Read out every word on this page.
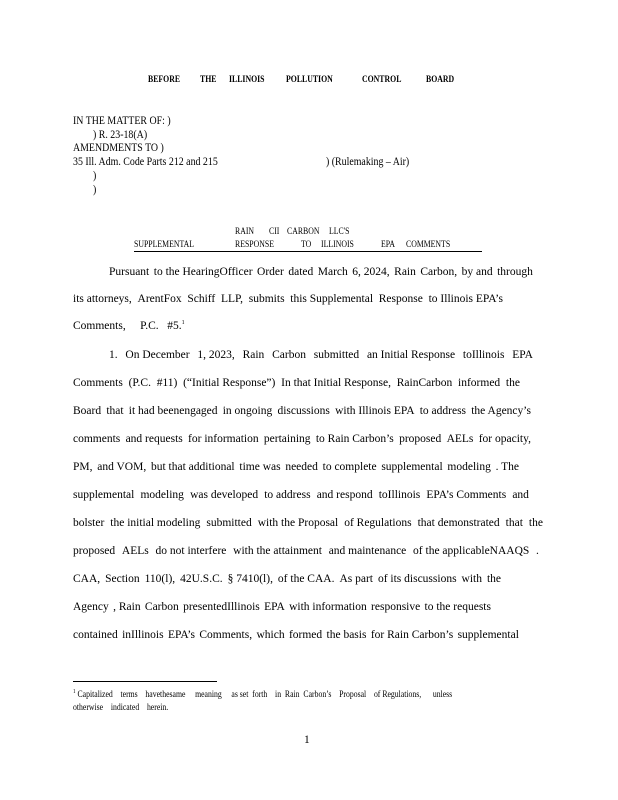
BEFORE THE ILLINOIS POLLUTION	CONTROL	BOARD
IN THE MATTER OF: )
) R. 23-18(A)
AMENDMENTS TO )
35 Ill. Adm. Code Parts 212 and 215	) (Rulemaking – Air)
)
)
RAIN CII CARBON LLC'S
SUPPLEMENTAL	RESPONSE	TO ILLINOIS	EPA COMMENTS
Pursuant to the HearingOfficer Order dated March 6, 2024, Rain Carbon, by and through
its attorneys, ArentFox Schiff LLP, submits this Supplemental Response to Illinois EPA’s
Comments,     P.C.   #5.$^1$
1. On December 1, 2023, Rain Carbon submitted an Initial Response toIllinois EPA
Comments (P.C. #11) (“Initial Response”) In that Initial Response, RainCarbon informed the
Board that it had beenengaged in ongoing discussions with Illinois EPA to address the Agency’s
comments and requests for information pertaining to Rain Carbon’s proposed AELs for opacity,
PM, and VOM, but that additional time was needed to complete supplemental modeling . The
supplemental modeling was developed to address and respond toIllinois EPA’s Comments and
bolster the initial modeling submitted with the Proposal of Regulations that demonstrated that the
proposed AELs do not interfere with the attainment and maintenance of the applicableNAAQS .
CAA, Section 110(l), 42U.S.C. § 7410(l), of the CAA. As part of its discussions with the
Agency , Rain Carbon presentedIllinois EPA with information responsive to the requests
contained inIllinois EPA’s Comments, which formed the basis for Rain Carbon’s supplemental
$^1$ Capitalized    terms    havethesame     meaning     as set  forth    in  Rain  Carbon’s    Proposal    of Regulations,      unless
otherwise    indicated    herein.
1
